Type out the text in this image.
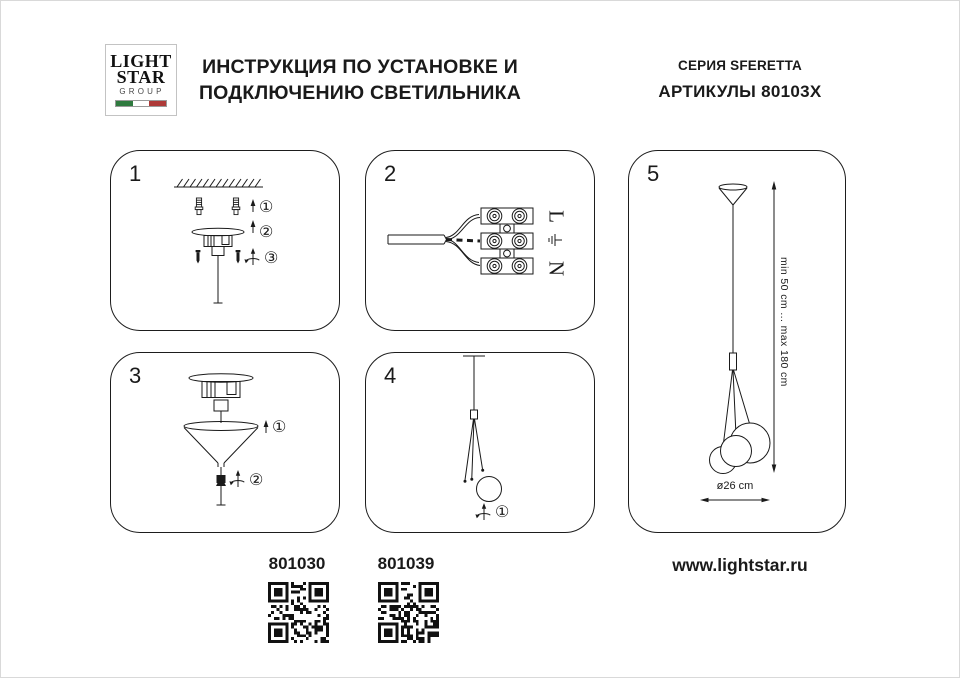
LIGHT
STAR
GROUP
ИНСТРУКЦИЯ ПО УСТАНОВКЕ И
ПОДКЛЮЧЕНИЮ СВЕТИЛЬНИКА
СЕРИЯ SFERETTA
АРТИКУЛЫ 80103X
1
①
②
③
2
L
N
3
①
②
4
①
5
min 50 cm ... max 180 cm
ø26 cm
801030	801039	www.lightstar.ru
